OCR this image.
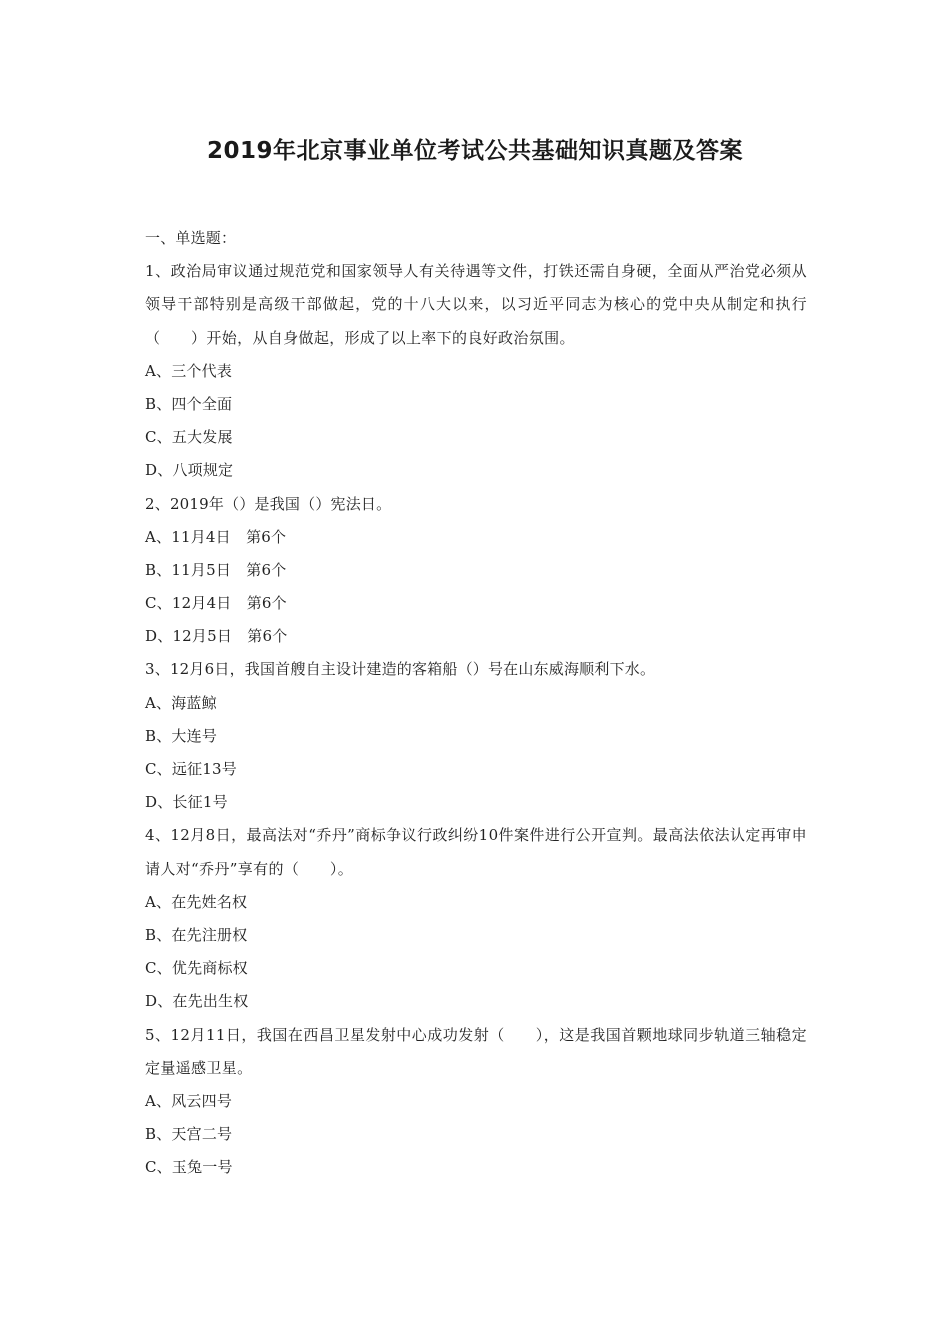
2019年北京事业单位考试公共基础知识真题及答案
一、单选题：
1、政治局审议通过规范党和国家领导人有关待遇等文件，打铁还需自身硬，全面从严治党必须从领导干部特别是高级干部做起，党的十八大以来，以习近平同志为核心的党中央从制定和执行（　　）开始，从自身做起，形成了以上率下的良好政治氛围。
A、三个代表
B、四个全面
C、五大发展
D、八项规定
2、2019年（）是我国（）宪法日。
A、11月4日　第6个
B、11月5日　第6个
C、12月4日　第6个
D、12月5日　第6个
3、12月6日，我国首艘自主设计建造的客箱船（）号在山东威海顺利下水。
A、海蓝鲸
B、大连号
C、远征13号
D、长征1号
4、12月8日，最高法对“乔丹”商标争议行政纠纷10件案件进行公开宣判。最高法依法认定再审申请人对“乔丹”享有的（　　）。
A、在先姓名权
B、在先注册权
C、优先商标权
D、在先出生权
5、12月11日，我国在西昌卫星发射中心成功发射（　　），这是我国首颗地球同步轨道三轴稳定定量遥感卫星。
A、风云四号
B、天宫二号
C、玉兔一号
